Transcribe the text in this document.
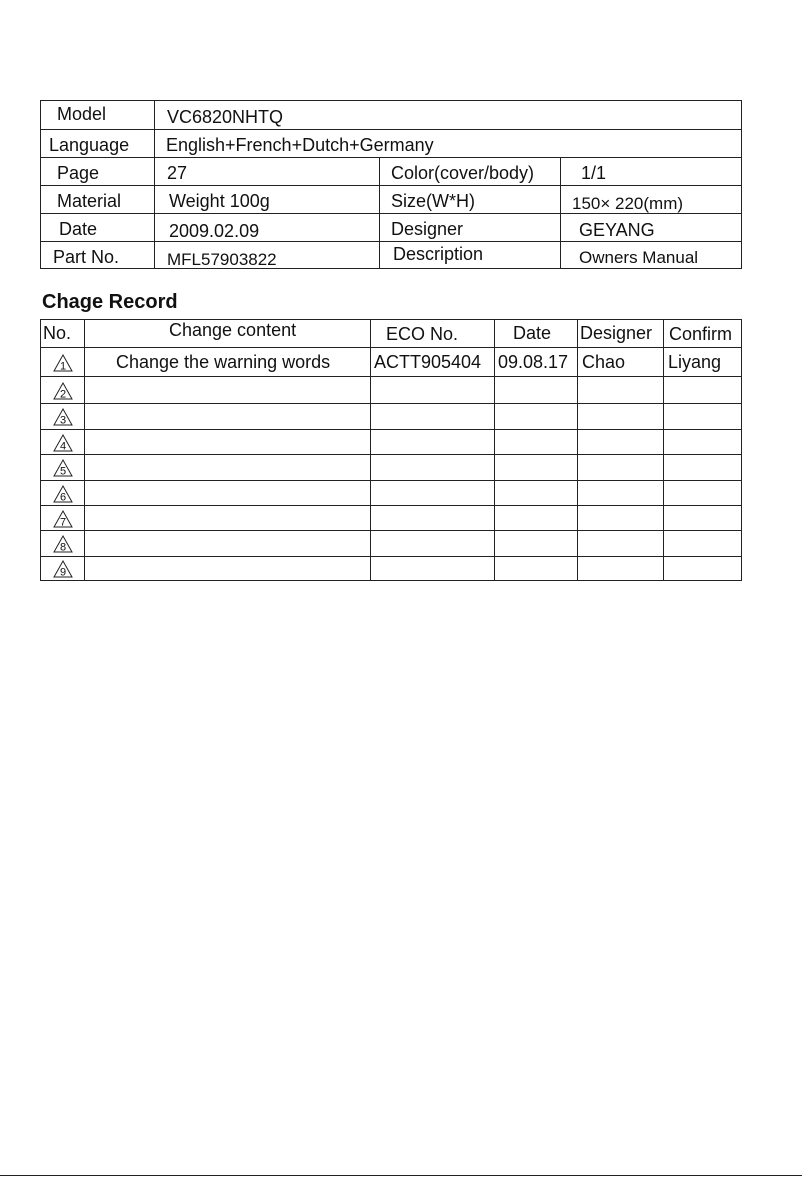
Model	VC6820NHTQ
Language English+French+Dutch+Germany
Page	27	Color(cover/body)	1/1
Material	Weight 100g	Size(W*H)	150× 220(mm)
Date	2009.02.09	Designer	GEYANG
Part No.	MFL57903822	Description	Owners Manual
Chage Record
No.	Change content	ECO No.	Date Designer Confirm
1	Change the warning words ACTT905404 09.08.17 Chao Liyang
2
3
4
5
6
7
8
9
